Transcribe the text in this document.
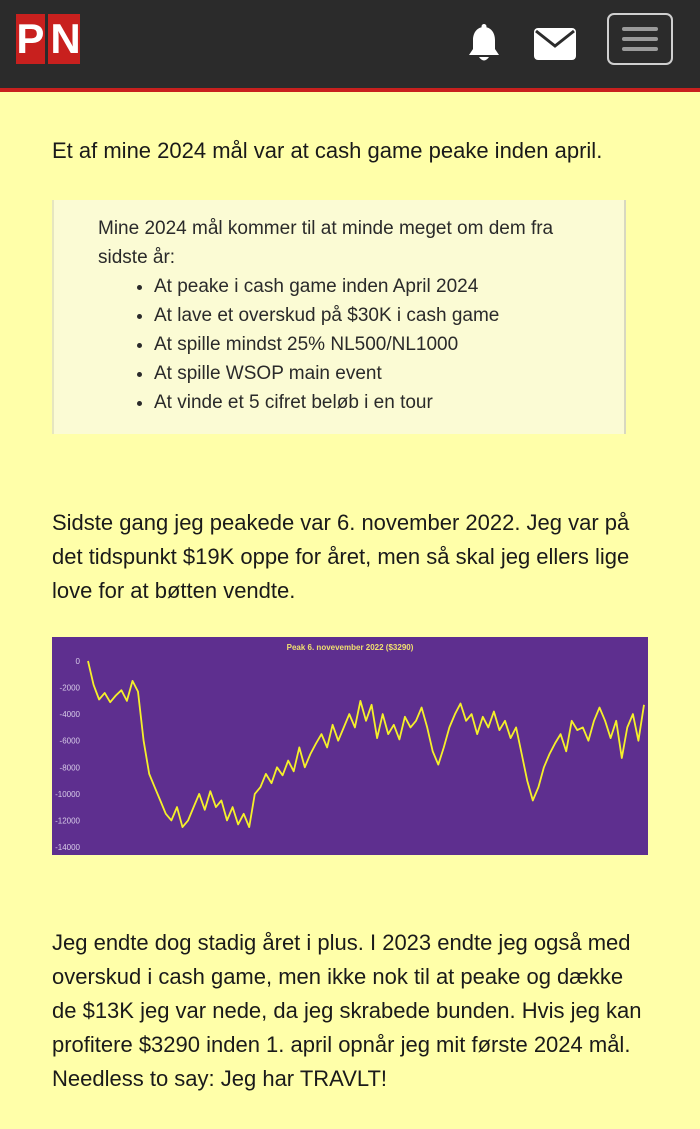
P N

Et af mine 2024 mål var at cash game peake inden april.

Mine 2024 mål kommer til at minde meget om dem fra sidste år:
• At peake i cash game inden April 2024
• At lave et overskud på $30K i cash game
• At spille mindst 25% NL500/NL1000
• At spille WSOP main event
• At vinde et 5 cifret beløb i en tour

Sidste gang jeg peakede var 6. november 2022. Jeg var på det tidspunkt $19K oppe for året, men så skal jeg ellers lige love for at bøtten vendte.

Peak 6. novevember 2022 ($3290)
0
-2000
-4000
-6000
-8000
-10000
-12000
-14000

Jeg endte dog stadig året i plus. I 2023 endte jeg også med overskud i cash game, men ikke nok til at peake og dække de $13K jeg var nede, da jeg skrabede bunden. Hvis jeg kan profitere $3290 inden 1. april opnår jeg mit første 2024 mål. Needless to say: Jeg har TRAVLT!
